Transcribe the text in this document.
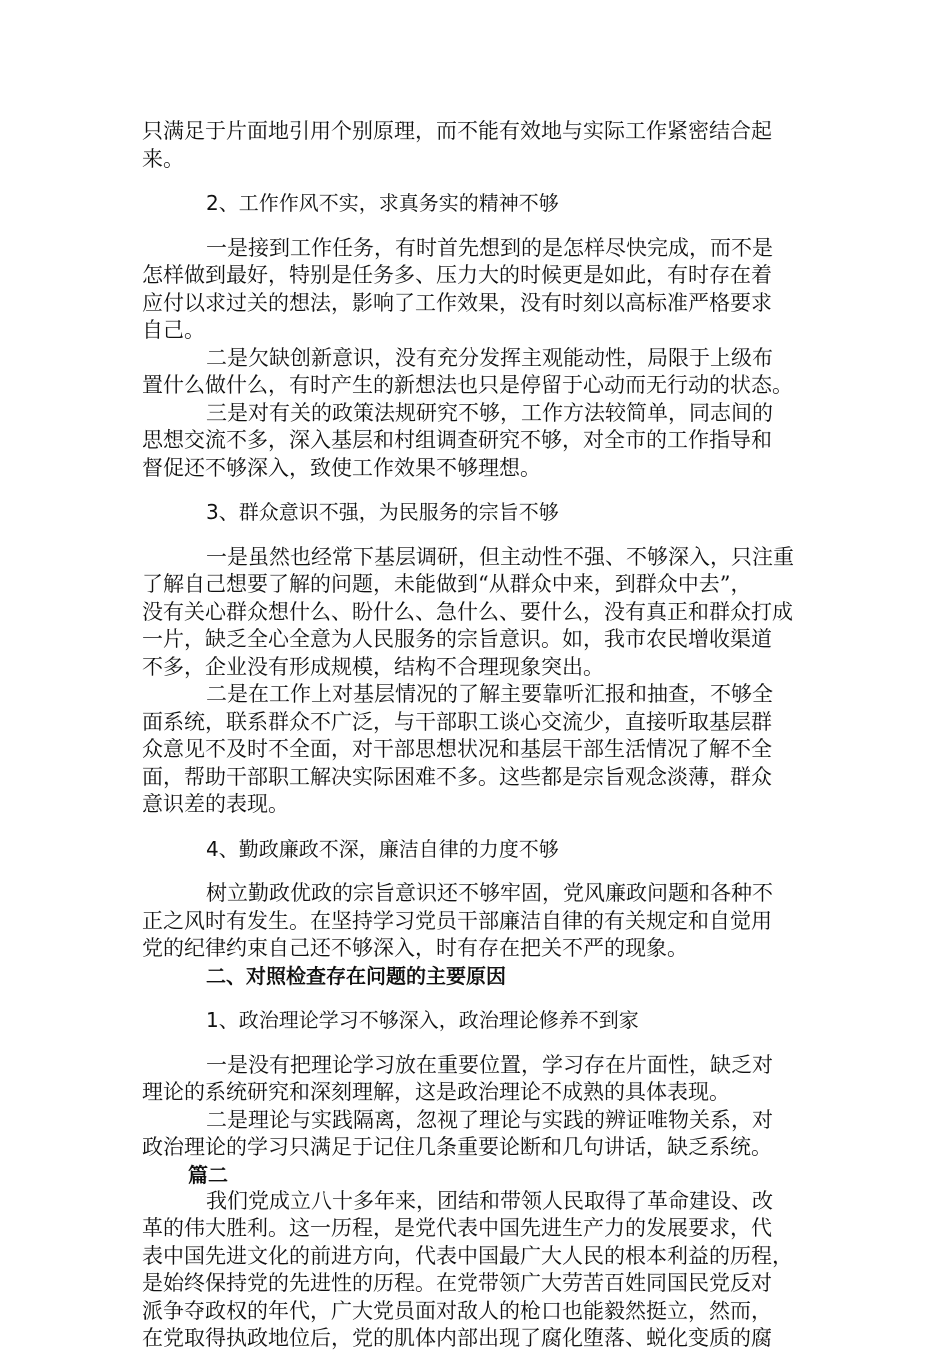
只满足于片面地引用个别原理，而不能有效地与实际工作紧密结合起
来。

2、工作作风不实，求真务实的精神不够

一是接到工作任务，有时首先想到的是怎样尽快完成，而不是
怎样做到最好，特别是任务多、压力大的时候更是如此，有时存在着
应付以求过关的想法，影响了工作效果，没有时刻以高标准严格要求
自己。

二是欠缺创新意识，没有充分发挥主观能动性，局限于上级布
置什么做什么，有时产生的新想法也只是停留于心动而无行动的状态。

三是对有关的政策法规研究不够，工作方法较简单，同志间的
思想交流不多，深入基层和村组调查研究不够，对全市的工作指导和
督促还不够深入，致使工作效果不够理想。

3、群众意识不强，为民服务的宗旨不够

一是虽然也经常下基层调研，但主动性不强、不够深入，只注重
了解自己想要了解的问题，未能做到“从群众中来，到群众中去”，
没有关心群众想什么、盼什么、急什么、要什么，没有真正和群众打成
一片，缺乏全心全意为人民服务的宗旨意识。如，我市农民增收渠道
不多，企业没有形成规模，结构不合理现象突出。

二是在工作上对基层情况的了解主要靠听汇报和抽查，不够全
面系统，联系群众不广泛，与干部职工谈心交流少，直接听取基层群
众意见不及时不全面，对干部思想状况和基层干部生活情况了解不全
面，帮助干部职工解决实际困难不多。这些都是宗旨观念淡薄，群众
意识差的表现。

4、勤政廉政不深，廉洁自律的力度不够

树立勤政优政的宗旨意识还不够牢固，党风廉政问题和各种不
正之风时有发生。在坚持学习党员干部廉洁自律的有关规定和自觉用
党的纪律约束自己还不够深入，时有存在把关不严的现象。

二、对照检查存在问题的主要原因

1、政治理论学习不够深入，政治理论修养不到家

一是没有把理论学习放在重要位置，学习存在片面性，缺乏对
理论的系统研究和深刻理解，这是政治理论不成熟的具体表现。

二是理论与实践隔离，忽视了理论与实践的辨证唯物关系，对
政治理论的学习只满足于记住几条重要论断和几句讲话，缺乏系统。

篇二

我们党成立八十多年来，团结和带领人民取得了革命建设、改
革的伟大胜利。这一历程，是党代表中国先进生产力的发展要求，代
表中国先进文化的前进方向，代表中国最广大人民的根本利益的历程，
是始终保持党的先进性的历程。在党带领广大劳苦百姓同国民党反对
派争夺政权的年代，广大党员面对敌人的枪口也能毅然挺立，然而，
在党取得执政地位后，党的肌体内部出现了腐化堕落、蜕化变质的腐
